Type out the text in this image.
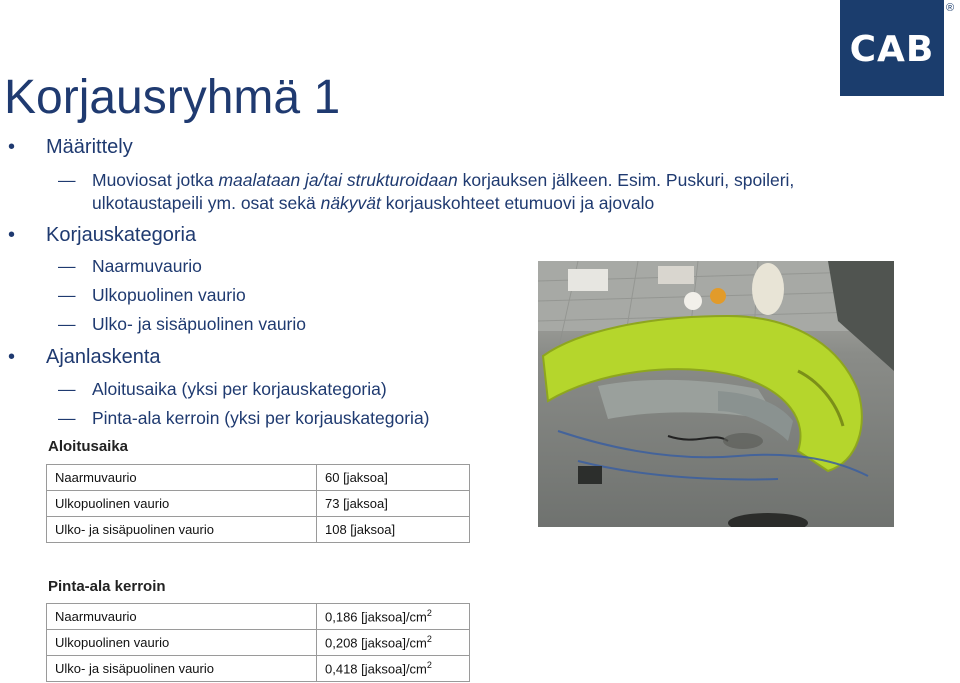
Korjausryhmä 1
CAB
®
•	Määrittely
— Muoviosat jotka maalataan ja/tai strukturoidaan korjauksen jälkeen. Esim. Puskuri, spoileri,
ulkotaustapeili ym. osat sekä näkyvät korjauskohteet etumuovi ja ajovalo
•	Korjauskategoria
— Naarmuvaurio
— Ulkopuolinen vaurio
— Ulko- ja sisäpuolinen vaurio
•	Ajanlaskenta
— Aloitusaika (yksi per korjauskategoria)
— Pinta-ala kerroin (yksi per korjauskategoria)
Aloitusaika
Naarmuvaurio	60 [jaksoa]
Ulkopuolinen vaurio	73 [jaksoa]
Ulko- ja sisäpuolinen vaurio	108 [jaksoa]
Pinta-ala kerroin
Naarmuvaurio	0,186 $[jaksoa]/cm^2$
Ulkopuolinen vaurio	0,208 $[jaksoa]/cm^2$
Ulko- ja sisäpuolinen vaurio	0,418 $[jaksoa]/cm^2$
